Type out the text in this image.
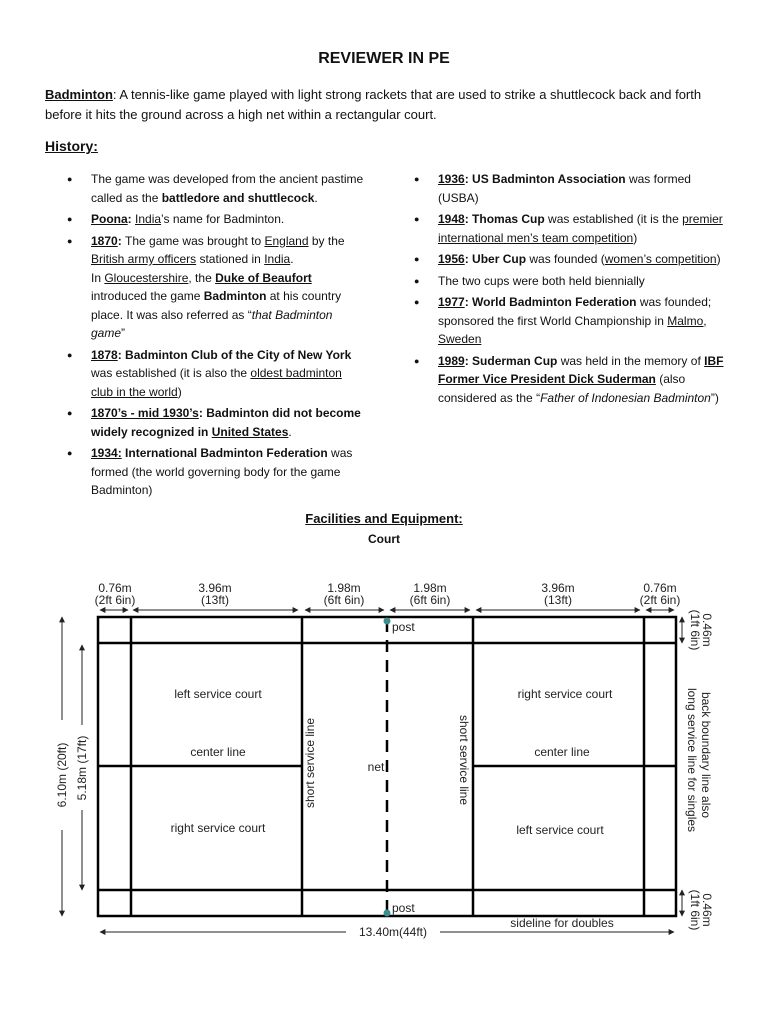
REVIEWER IN PE
Badminton: A tennis-like game played with light strong rackets that are used to strike a shuttlecock back and forth before it hits the ground across a high net within a rectangular court.
History:
● The game was developed from the ancient pastime called as the battledore and shuttlecock.
● Poona: India’s name for Badminton.
● 1870: The game was brought to England by the British army officers stationed in India.
In Gloucestershire, the Duke of Beaufort introduced the game Badminton at his country place. It was also referred as “that Badminton game”
● 1878: Badminton Club of the City of New York was established (it is also the oldest badminton club in the world)
● 1870’s - mid 1930’s: Badminton did not become widely recognized in United States.
● 1934: International Badminton Federation was formed (the world governing body for the game Badminton)
● 1936: US Badminton Association was formed (USBA)
● 1948: Thomas Cup was established (it is the premier international men’s team competition)
● 1956: Uber Cup was founded (women’s competition)
● The two cups were both held biennially
● 1977: World Badminton Federation was founded; sponsored the first World Championship in Malmo, Sweden
● 1989: Suderman Cup was held in the memory of IBF Former Vice President Dick Suderman (also considered as the “Father of Indonesian Badminton”)
Facilities and Equipment:
Court
0.76m
(2ft 6in)
3.96m
(13ft)
1.98m
(6ft 6in)
1.98m
(6ft 6in)
3.96m
(13ft)
0.76m
(2ft 6in)
0.46m
(1ft 6in)
0.46m
(1ft 6in)
6.10m (20ft) 5.18m (17ft)
post
post
left service court
center line
right service court
right service court
center line
left service court
net
short service line	short service line	back boundary line also
long service line for singles
13.40m(44ft)
sideline for doubles
